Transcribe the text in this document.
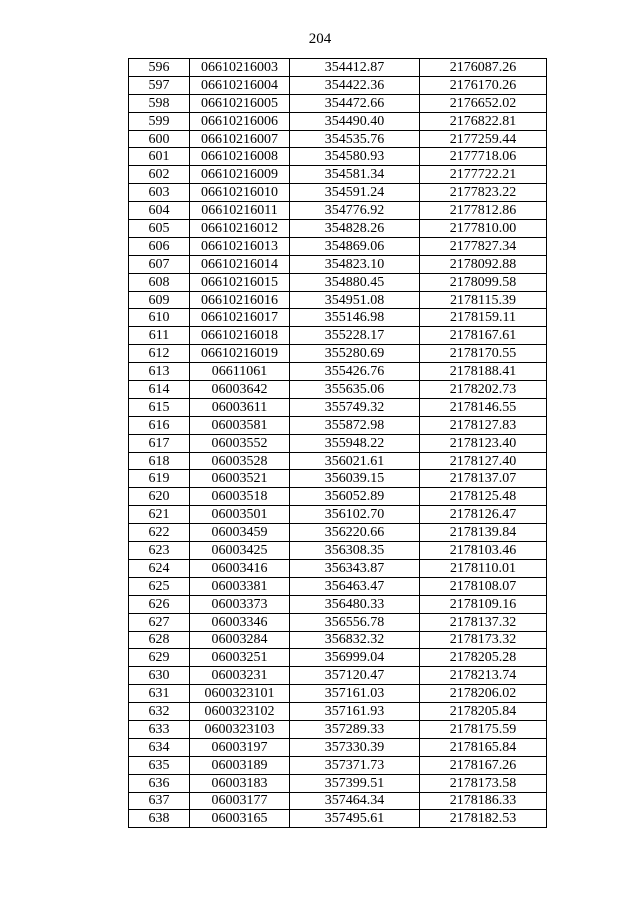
204
596	06610216003	354412.87	2176087.26
597	06610216004	354422.36	2176170.26
598	06610216005	354472.66	2176652.02
599	06610216006	354490.40	2176822.81
600	06610216007	354535.76	2177259.44
601	06610216008	354580.93	2177718.06
602	06610216009	354581.34	2177722.21
603	06610216010	354591.24	2177823.22
604	06610216011	354776.92	2177812.86
605	06610216012	354828.26	2177810.00
606	06610216013	354869.06	2177827.34
607	06610216014	354823.10	2178092.88
608	06610216015	354880.45	2178099.58
609	06610216016	354951.08	2178115.39
610	06610216017	355146.98	2178159.11
611	06610216018	355228.17	2178167.61
612	06610216019	355280.69	2178170.55
613	06611061	355426.76	2178188.41
614	06003642	355635.06	2178202.73
615	06003611	355749.32	2178146.55
616	06003581	355872.98	2178127.83
617	06003552	355948.22	2178123.40
618	06003528	356021.61	2178127.40
619	06003521	356039.15	2178137.07
620	06003518	356052.89	2178125.48
621	06003501	356102.70	2178126.47
622	06003459	356220.66	2178139.84
623	06003425	356308.35	2178103.46
624	06003416	356343.87	2178110.01
625	06003381	356463.47	2178108.07
626	06003373	356480.33	2178109.16
627	06003346	356556.78	2178137.32
628	06003284	356832.32	2178173.32
629	06003251	356999.04	2178205.28
630	06003231	357120.47	2178213.74
631	0600323101	357161.03	2178206.02
632	0600323102	357161.93	2178205.84
633	0600323103	357289.33	2178175.59
634	06003197	357330.39	2178165.84
635	06003189	357371.73	2178167.26
636	06003183	357399.51	2178173.58
637	06003177	357464.34	2178186.33
638	06003165	357495.61	2178182.53
